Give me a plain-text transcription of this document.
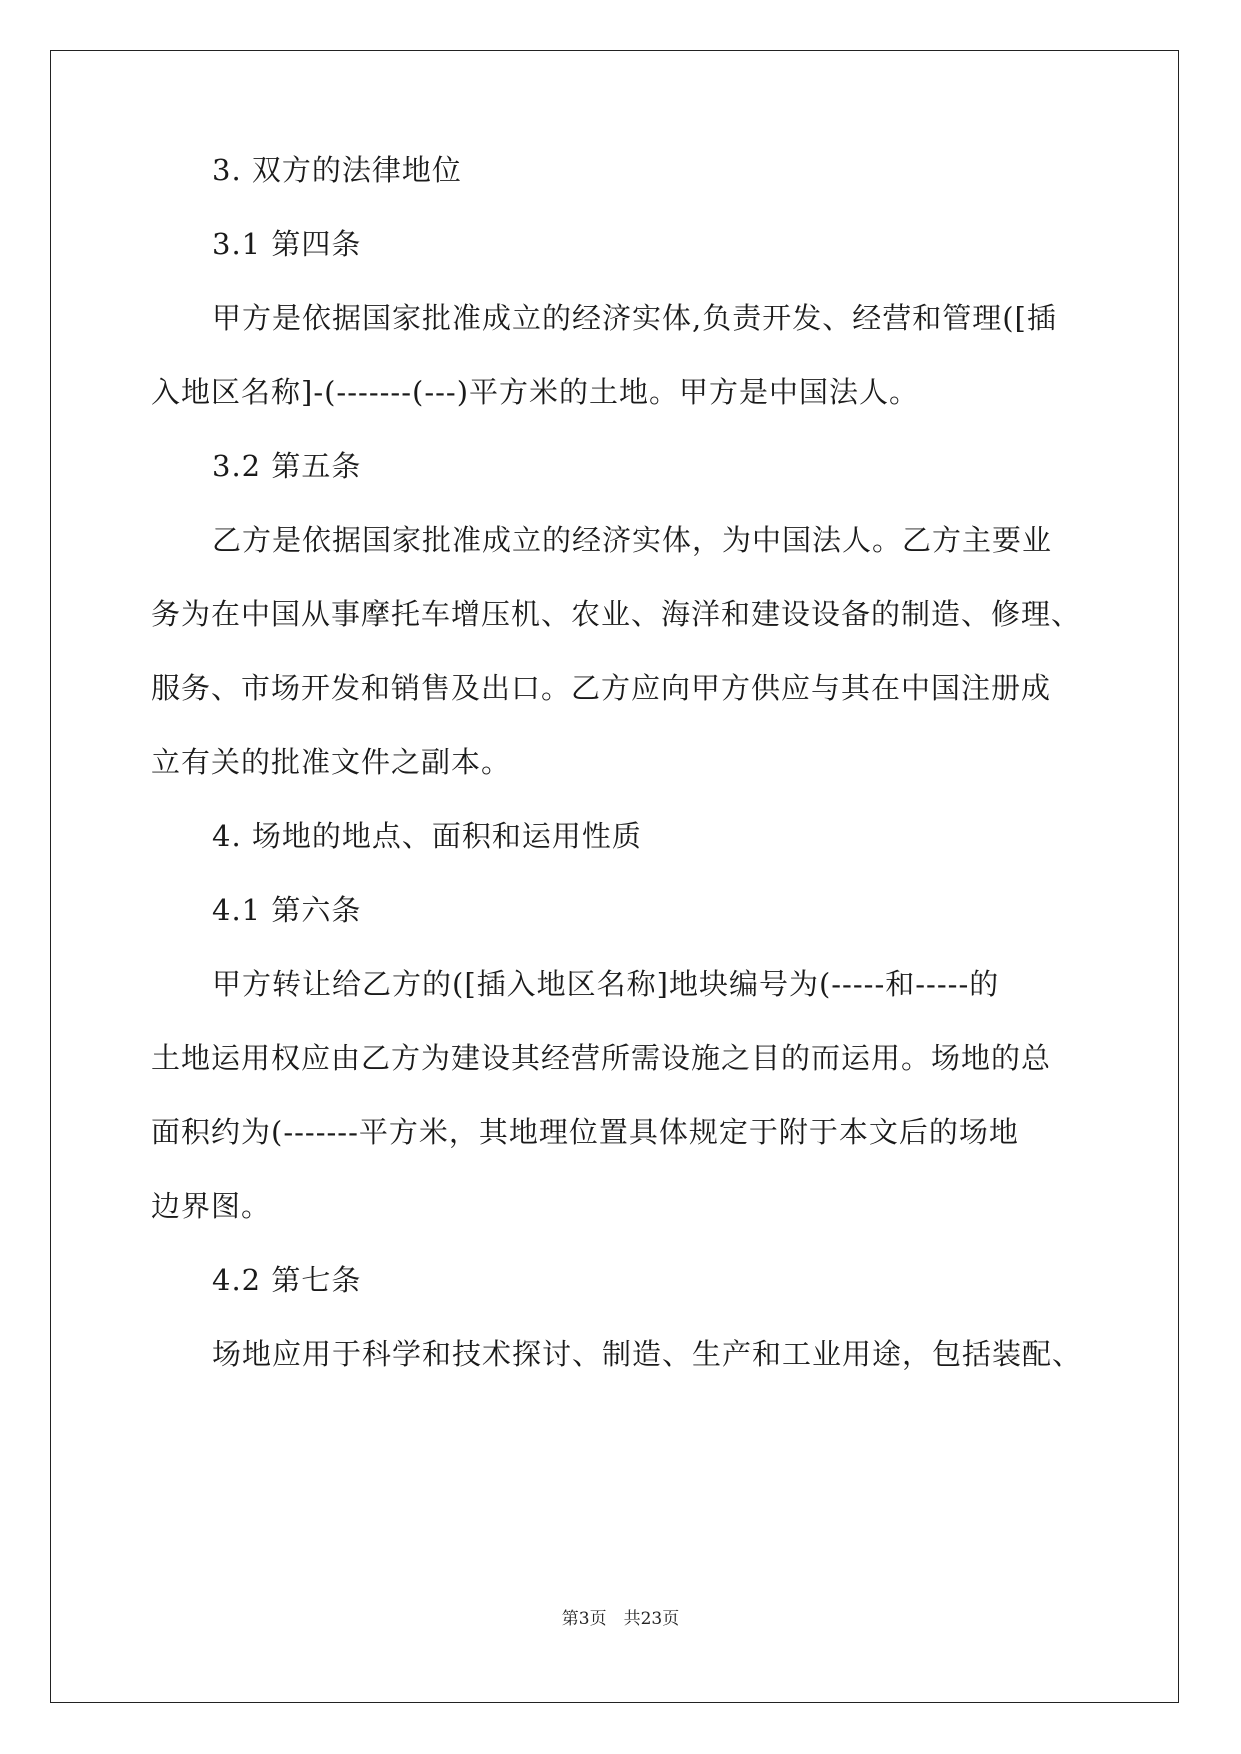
3. 双方的法律地位
3.1 第四条
甲方是依据国家批准成立的经济实体,负责开发、经营和管理([插
入地区名称]-(-------(---)平方米的土地。甲方是中国法人。
3.2 第五条
乙方是依据国家批准成立的经济实体，为中国法人。乙方主要业
务为在中国从事摩托车增压机、农业、海洋和建设设备的制造、修理、
服务、市场开发和销售及出口。乙方应向甲方供应与其在中国注册成
立有关的批准文件之副本。
4. 场地的地点、面积和运用性质
4.1 第六条
甲方转让给乙方的([插入地区名称]地块编号为(-----和-----的
土地运用权应由乙方为建设其经营所需设施之目的而运用。场地的总
面积约为(-------平方米，其地理位置具体规定于附于本文后的场地
边界图。
4.2 第七条
场地应用于科学和技术探讨、制造、生产和工业用途，包括装配、
第3页　共23页
